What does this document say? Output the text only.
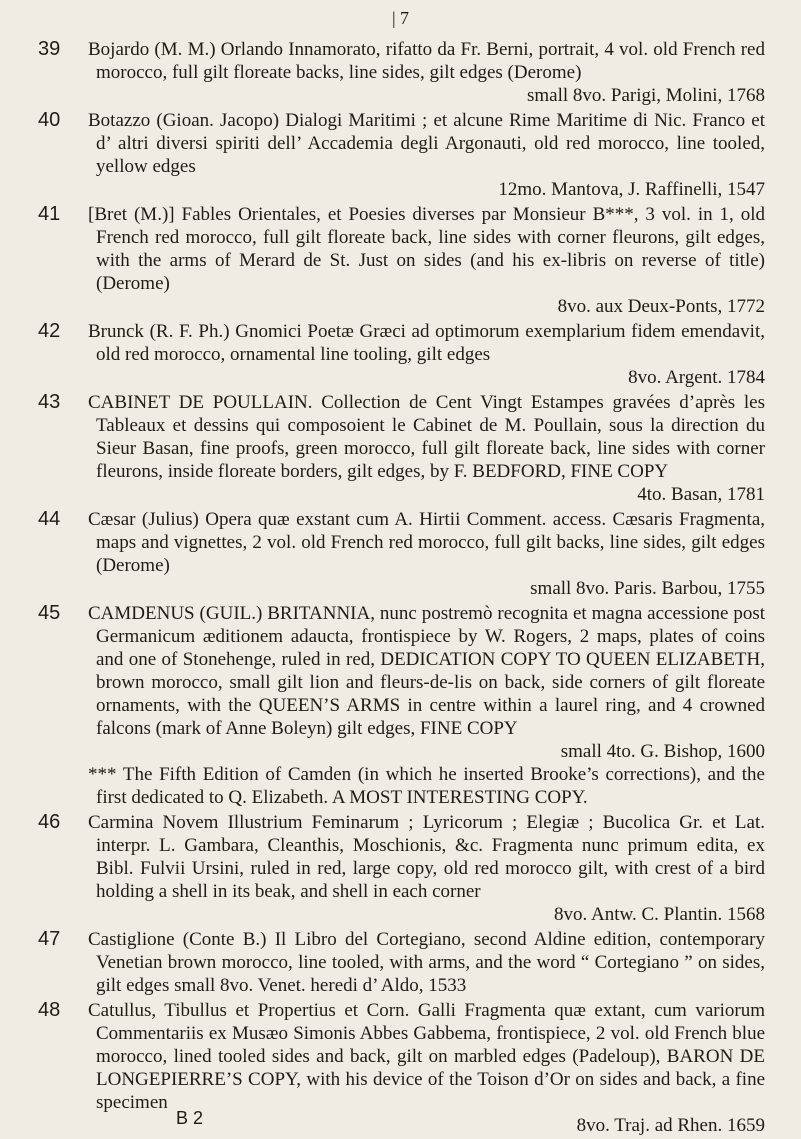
| 7
39 Bojardo (M. M.) Orlando Innamorato, rifatto da Fr. Berni, portrait, 4 vol. old French red morocco, full gilt floreate backs, line sides, gilt edges (Derome)
small 8vo. Parigi, Molini, 1768
40 Botazzo (Gioan. Jacopo) Dialogi Maritimi ; et alcune Rime Maritime di Nic. Franco et d’ altri diversi spiriti dell’ Accademia degli Argonauti, old red morocco, line tooled, yellow edges
12mo. Mantova, J. Raffinelli, 1547
41 [Bret (M.)] Fables Orientales, et Poesies diverses par Monsieur B***, 3 vol. in 1, old French red morocco, full gilt floreate back, line sides with corner fleurons, gilt edges, with the arms of Merard de St. Just on sides (and his ex-libris on reverse of title) (Derome)
8vo. aux Deux-Ponts, 1772
42 Brunck (R. F. Ph.) Gnomici Poetæ Græci ad optimorum exemplarium fidem emendavit, old red morocco, ornamental line tooling, gilt edges
8vo. Argent. 1784
43 CABINET DE POULLAIN. Collection de Cent Vingt Estampes gravées d’après les Tableaux et dessins qui composoient le Cabinet de M. Poullain, sous la direction du Sieur Basan, fine proofs, green morocco, full gilt floreate back, line sides with corner fleurons, inside floreate borders, gilt edges, by F. BEDFORD, FINE COPY
4to. Basan, 1781
44 Cæsar (Julius) Opera quæ exstant cum A. Hirtii Comment. access. Cæsaris Fragmenta, maps and vignettes, 2 vol. old French red morocco, full gilt backs, line sides, gilt edges (Derome)
small 8vo. Paris. Barbou, 1755
45 CAMDENUS (GUIL.) BRITANNIA, nunc postremò recognita et magna accessione post Germanicum æditionem adaucta, frontispiece by W. Rogers, 2 maps, plates of coins and one of Stonehenge, ruled in red, DEDICATION COPY TO QUEEN ELIZABETH, brown morocco, small gilt lion and fleurs-de-lis on back, side corners of gilt floreate ornaments, with the QUEEN’S ARMS in centre within a laurel ring, and 4 crowned falcons (mark of Anne Boleyn) gilt edges, FINE COPY
small 4to. G. Bishop, 1600
*** The Fifth Edition of Camden (in which he inserted Brooke’s corrections), and the first dedicated to Q. Elizabeth. A MOST INTERESTING COPY.
46 Carmina Novem Illustrium Feminarum ; Lyricorum ; Elegiæ ; Bucolica Gr. et Lat. interpr. L. Gambara, Cleanthis, Moschionis, &c. Fragmenta nunc primum edita, ex Bibl. Fulvii Ursini, ruled in red, large copy, old red morocco gilt, with crest of a bird holding a shell in its beak, and shell in each corner
8vo. Antw. C. Plantin. 1568
47 Castiglione (Conte B.) Il Libro del Cortegiano, second Aldine edition, contemporary Venetian brown morocco, line tooled, with arms, and the word “ Cortegiano ” on sides, gilt edges small 8vo. Venet. heredi d’ Aldo, 1533
48 Catullus, Tibullus et Propertius et Corn. Galli Fragmenta quæ extant, cum variorum Commentariis ex Musæo Simonis Abbes Gabbema, frontispiece, 2 vol. old French blue morocco, lined tooled sides and back, gilt on marbled edges (Padeloup), BARON DE LONGEPIERRE’S COPY, with his device of the Toison d’Or on sides and back, a fine specimen
8vo. Traj. ad Rhen. 1659
B 2
